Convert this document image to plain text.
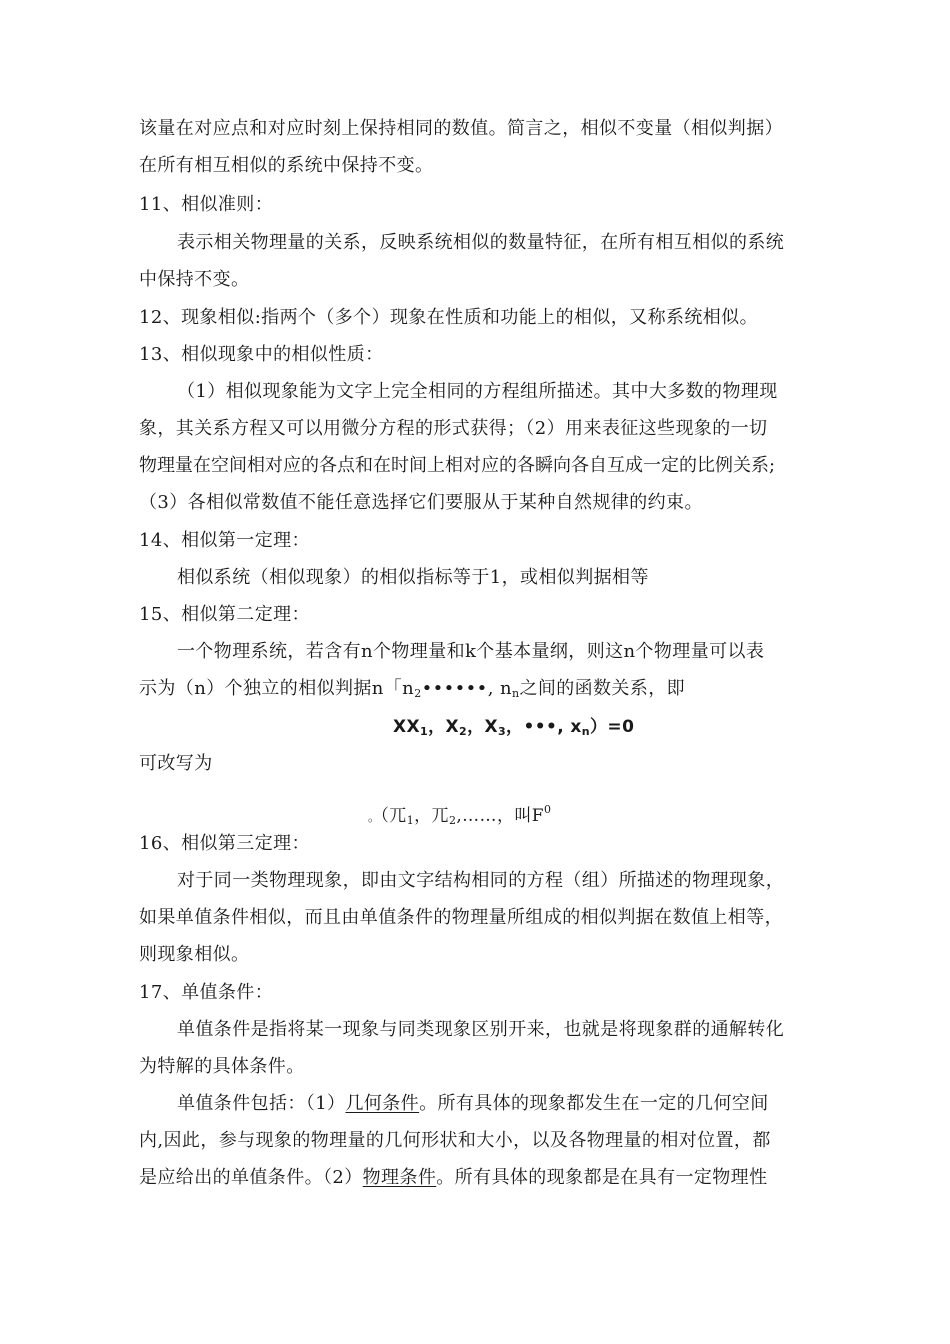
该量在对应点和对应时刻上保持相同的数值。简言之，相似不变量（相似判据）
在所有相互相似的系统中保持不变。
11、相似准则：
表示相关物理量的关系，反映系统相似的数量特征，在所有相互相似的系统
中保持不变。
12、现象相似:指两个（多个）现象在性质和功能上的相似，又称系统相似。
13、相似现象中的相似性质：
（1）相似现象能为文字上完全相同的方程组所描述。其中大多数的物理现
象，其关系方程又可以用微分方程的形式获得；（2）用来表征这些现象的一切
物理量在空间相对应的各点和在时间上相对应的各瞬向各自互成一定的比例关系;
（3）各相似常数值不能任意选择它们要服从于某种自然规律的约束。
14、相似第一定理：
相似系统（相似现象）的相似指标等于1，或相似判据相等
15、相似第二定理：
一个物理系统，若含有n个物理量和k个基本量纲，则这n个物理量可以表
示为（n）个独立的相似判据n「$n_2••••••$, $n_n$之间的函数关系，即
$XX_1$，$X_2$，$X_3$，•••, $x_n)=0$
可改写为
。（兀$_1$，兀$_2$,……，叫$F^0$
16、相似第三定理：
对于同一类物理现象，即由文字结构相同的方程（组）所描述的物理现象，
如果单值条件相似，而且由单值条件的物理量所组成的相似判据在数值上相等，
则现象相似。
17、单值条件：
单值条件是指将某一现象与同类现象区别开来，也就是将现象群的通解转化
为特解的具体条件。
单值条件包括：（1）几何条件。所有具体的现象都发生在一定的几何空间
内,因此，参与现象的物理量的几何形状和大小，以及各物理量的相对位置，都
是应给出的单值条件。（2）物理条件。所有具体的现象都是在具有一定物理性
